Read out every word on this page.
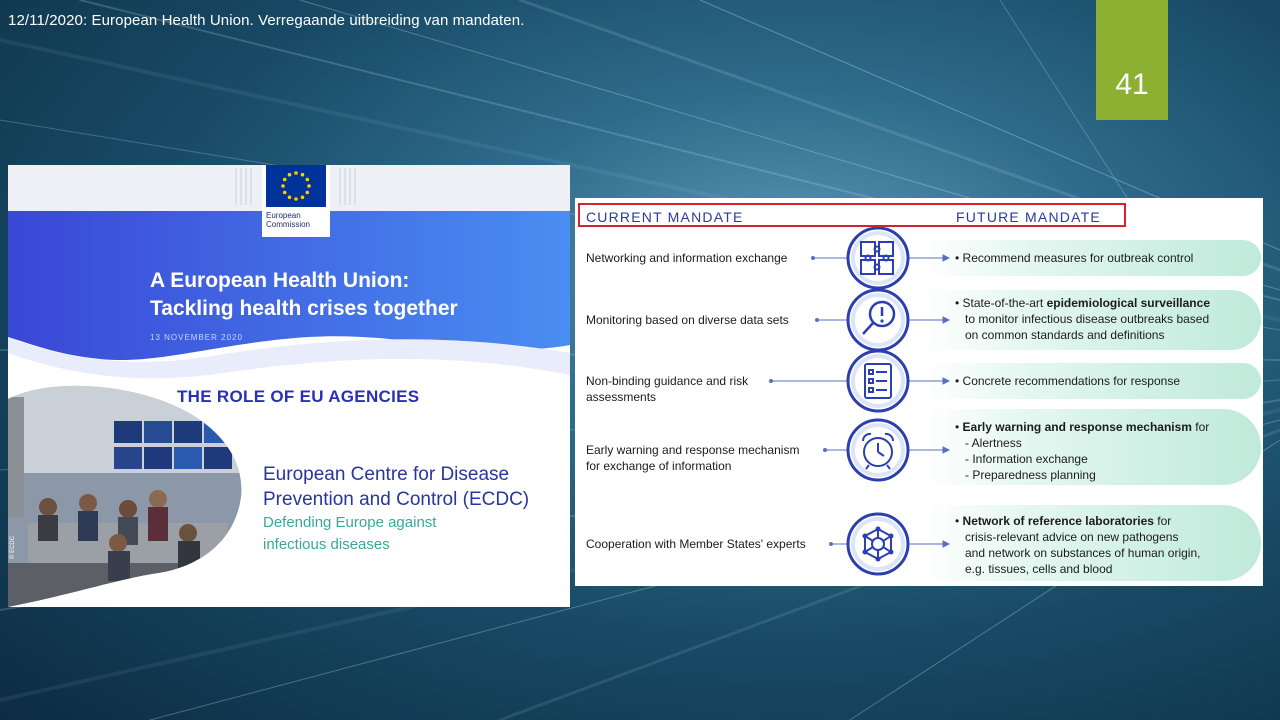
12/11/2020: European Health Union. Verregaande uitbreiding van mandaten.

41
European Commission
A European Health Union:
Tackling health crises together
13 NOVEMBER 2020
THE ROLE OF EU AGENCIES
© ECDC
European Centre for Disease
Prevention and Control (ECDC)
Defending Europe against
infectious diseases
CURRENT MANDATE	FUTURE MANDATE
Networking and information exchange
Monitoring based on diverse data sets
Non-binding guidance and risk
assessments
Early warning and response mechanism
for exchange of information
Cooperation with Member States' experts
• Recommend measures for outbreak control
• State-of-the-art epidemiological surveillance
to monitor infectious disease outbreaks based
on common standards and definitions
• Concrete recommendations for response
• Early warning and response mechanism for
- Alertness
- Information exchange
- Preparedness planning
• Network of reference laboratories for
crisis-relevant advice on new pathogens
and network on substances of human origin,
e.g. tissues, cells and blood
